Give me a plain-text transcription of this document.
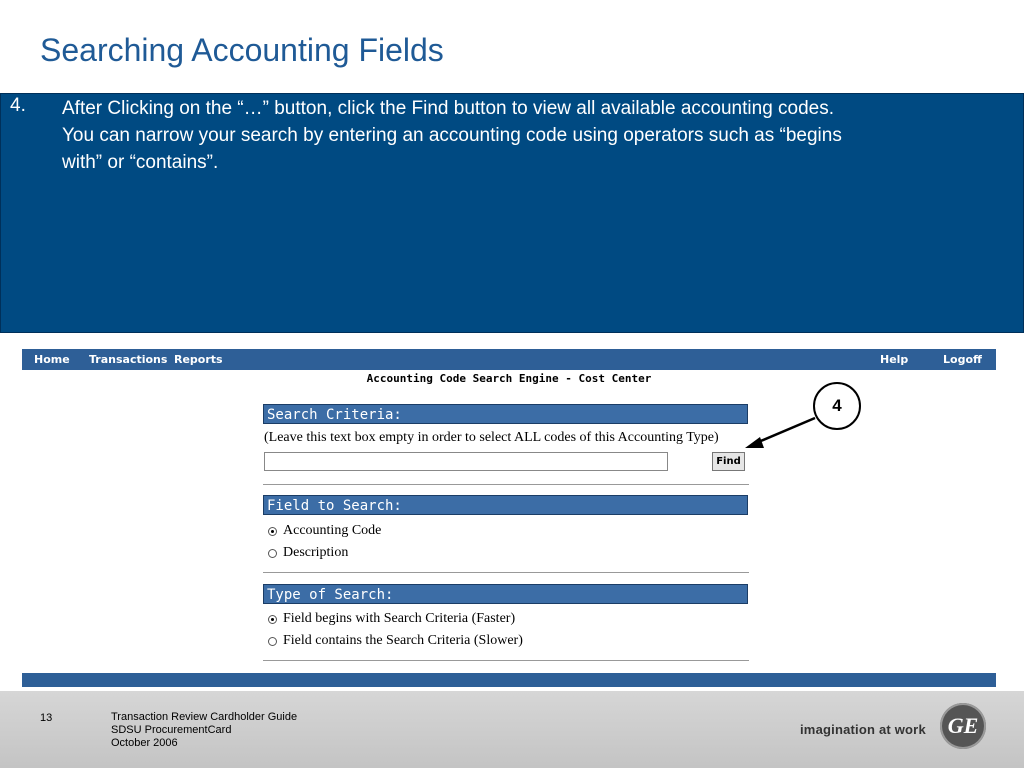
Searching Accounting Fields
4. After Clicking on the “…” button, click the Find button to view all available accounting codes.
You can narrow your search by entering an accounting code using operators such as “begins
with” or “contains”.
Home Transactions Reports	Help	Logoff
Accounting Code Search Engine - Cost Center
Search Criteria:
(Leave this text box empty in order to select ALL codes of this Accounting Type)
Find
Field to Search:
Accounting Code
Description
Type of Search:
Field begins with Search Criteria (Faster)
Field contains the Search Criteria (Slower)
4
13	Transaction Review Cardholder Guide
SDSU ProcurementCard
October 2006
imagination at work GE
